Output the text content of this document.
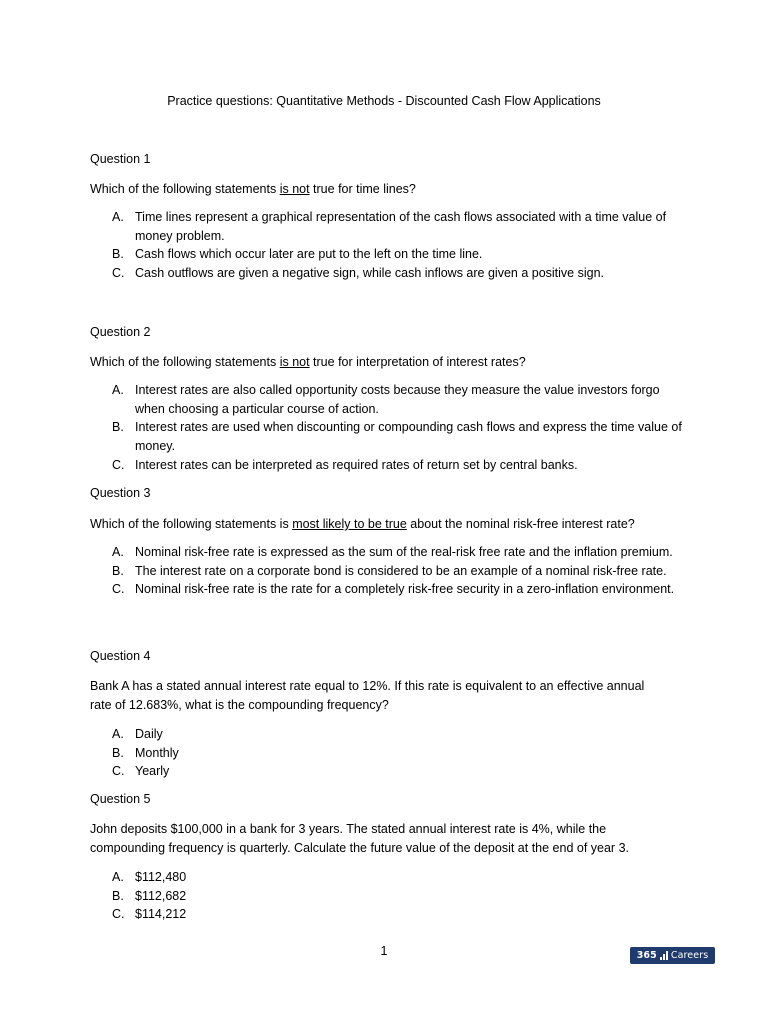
Practice questions: Quantitative Methods - Discounted Cash Flow Applications
Question 1
Which of the following statements is not true for time lines?
A. Time lines represent a graphical representation of the cash flows associated with a time value of money problem.
B. Cash flows which occur later are put to the left on the time line.
C. Cash outflows are given a negative sign, while cash inflows are given a positive sign.
Question 2
Which of the following statements is not true for interpretation of interest rates?
A. Interest rates are also called opportunity costs because they measure the value investors forgo when choosing a particular course of action.
B. Interest rates are used when discounting or compounding cash flows and express the time value of money.
C. Interest rates can be interpreted as required rates of return set by central banks.
Question 3
Which of the following statements is most likely to be true about the nominal risk-free interest rate?
A. Nominal risk-free rate is expressed as the sum of the real-risk free rate and the inflation premium.
B. The interest rate on a corporate bond is considered to be an example of a nominal risk-free rate.
C. Nominal risk-free rate is the rate for a completely risk-free security in a zero-inflation environment.
Question 4
Bank A has a stated annual interest rate equal to 12%. If this rate is equivalent to an effective annual rate of 12.683%, what is the compounding frequency?
A. Daily
B. Monthly
C. Yearly
Question 5
John deposits $100,000 in a bank for 3 years. The stated annual interest rate is 4%, while the compounding frequency is quarterly. Calculate the future value of the deposit at the end of year 3.
A. $112,480
B. $112,682
C. $114,212
1	365 Careers
